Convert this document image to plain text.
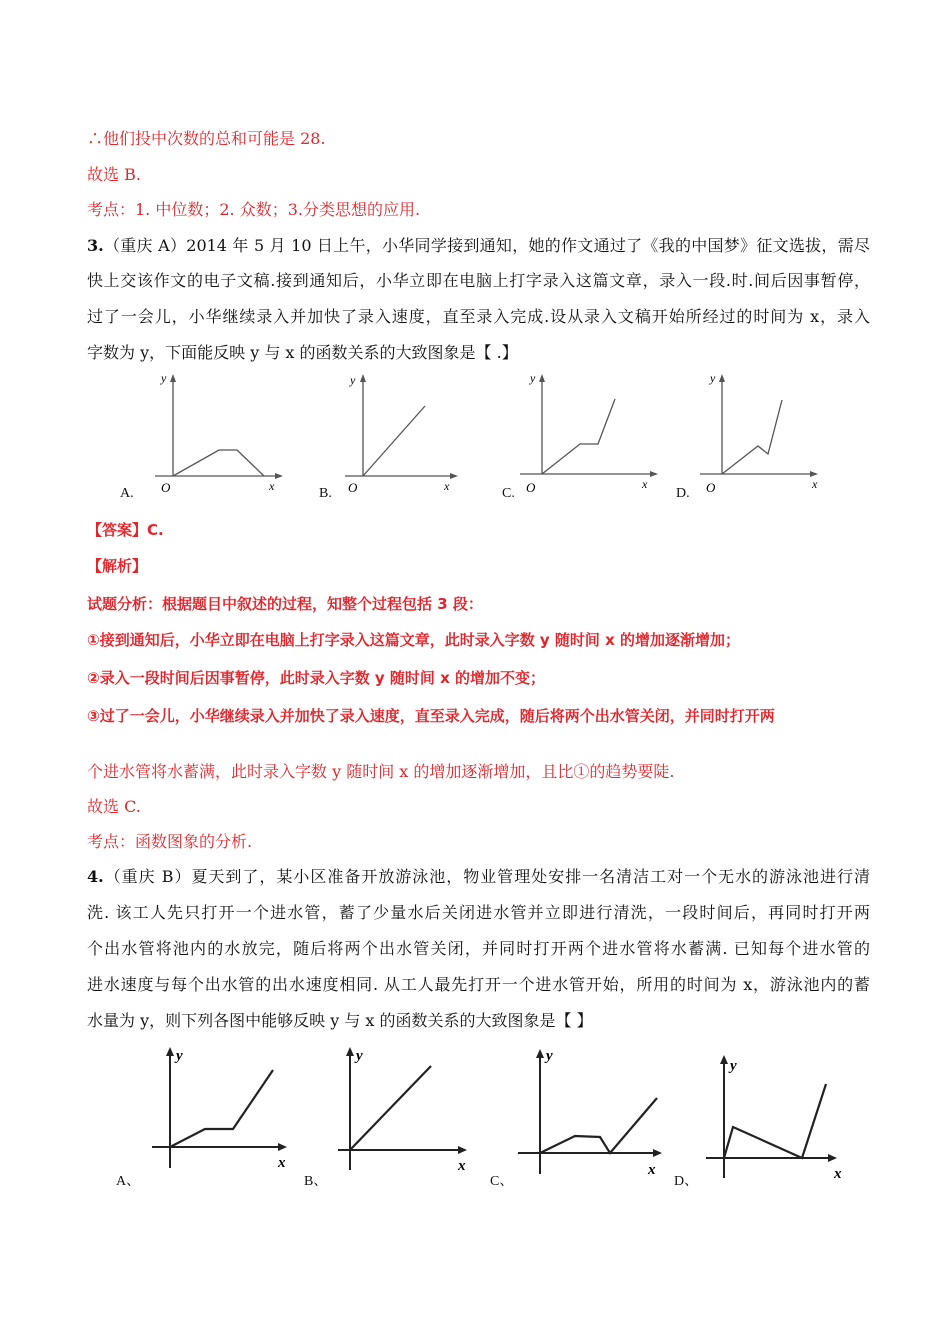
∴他们投中次数的总和可能是 28.
故选 B.
考点：1. 中位数；2. 众数；3.分类思想的应用.
3.（重庆 A）2014 年 5 月 10 日上午，小华同学接到通知，她的作文通过了《我的中国梦》征文选拔，需尽
快上交该作文的电子文稿.接到通知后，小华立即在电脑上打字录入这篇文章，录入一段.时.间后因事暂停，
过了一会儿，小华继续录入并加快了录入速度，直至录入完成.设从录入文稿开始所经过的时间为 x，录入
字数为 y，下面能反映 y 与 x 的函数关系的大致图象是【 .】
y
x
O
A.
y
x
O
B.
y
x
O
C.
y
x
O
D.
【答案】C.
【解析】
试题分析：根据题目中叙述的过程，知整个过程包括 3 段：
①接到通知后，小华立即在电脑上打字录入这篇文章，此时录入字数 y 随时间 x 的增加逐渐增加；
②录入一段时间后因事暂停，此时录入字数 y 随时间 x 的增加不变；
③过了一会儿，小华继续录入并加快了录入速度，直至录入完成，随后将两个出水管关闭，并同时打开两
个进水管将水蓄满，此时录入字数 y 随时间 x 的增加逐渐增加，且比①的趋势要陡.
故选 C.
考点：函数图象的分析.
4.（重庆 B）夏天到了，某小区准备开放游泳池，物业管理处安排一名清洁工对一个无水的游泳池进行清
洗. 该工人先只打开一个进水管，蓄了少量水后关闭进水管并立即进行清洗，一段时间后，再同时打开两
个出水管将池内的水放完，随后将两个出水管关闭，并同时打开两个进水管将水蓄满. 已知每个进水管的
进水速度与每个出水管的出水速度相同. 从工人最先打开一个进水管开始，所用的时间为 x，游泳池内的蓄
水量为 y，则下列各图中能够反映 y 与 x 的函数关系的大致图象是【 】
y
x
A、
y
x
B、
y
x
C、
y
x
D、
